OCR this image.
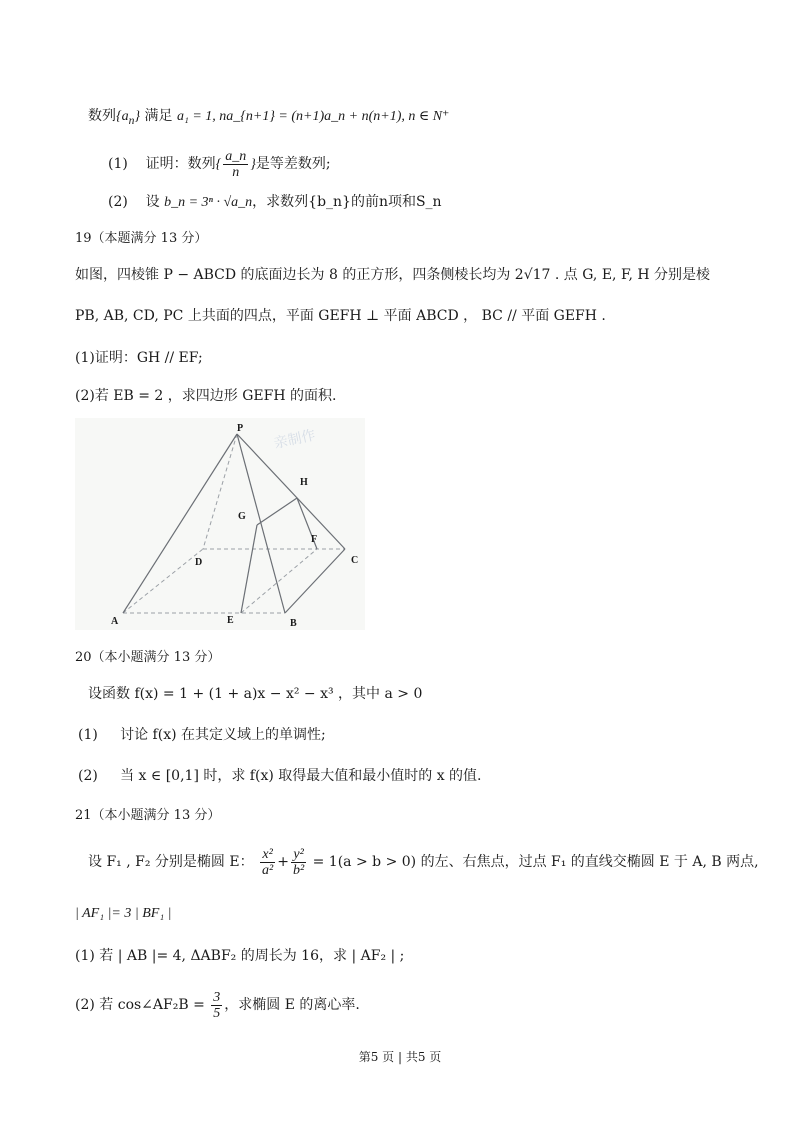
数列$\{a_n\}$ 满足 a₁ = 1, na_{n+1} = (n+1)a_n + n(n+1), n ∈ N⁺
(1) 证明：数列{ $\frac{a\_n}{n}$ }是等差数列;
(2) 设 b_n = 3ⁿ · √a_n，求数列{b_n}的前n项和S_n
19（本题满分 13 分）
如图，四棱锥 P − ABCD 的底面边长为 8 的正方形，四条侧棱长均为 2√17 . 点 G, E, F, H 分别是棱
PB, AB, CD, PC 上共面的四点，平面 GEFH ⊥ 平面 ABCD ， BC // 平面 GEFH .
(1)证明：GH // EF;
(2)若 EB = 2 ，求四边形 GEFH 的面积.
亲制作
P
H
G
F
D	C
A	E	B
20（本小题满分 13 分）
设函数 f(x) = 1 + (1 + a)x − x² − x³ ，其中 a > 0
(1) 讨论 f(x) 在其定义域上的单调性;
(2) 当 x ∈ [0,1] 时，求 f(x) 取得最大值和最小值时的 x 的值.
21（本小题满分 13 分）
设 F₁ , F₂ 分别是椭圆 E： $\frac{\text{x²}}{\text{a²}} + \frac{\text{y²}}{\text{b²}} = 1(a > b > 0)$ 的左、右焦点，过点 F₁ 的直线交椭圆 E 于 A, B 两点,
| AF₁ |= 3 | BF₁ |
(1) 若 | AB |= 4, ΔABF₂ 的周长为 16，求 | AF₂ | ;
(2) 若 cos∠AF₂B = $\frac{3}{5}$ ，求椭圆 E 的离心率.
第5 页 | 共5 页
